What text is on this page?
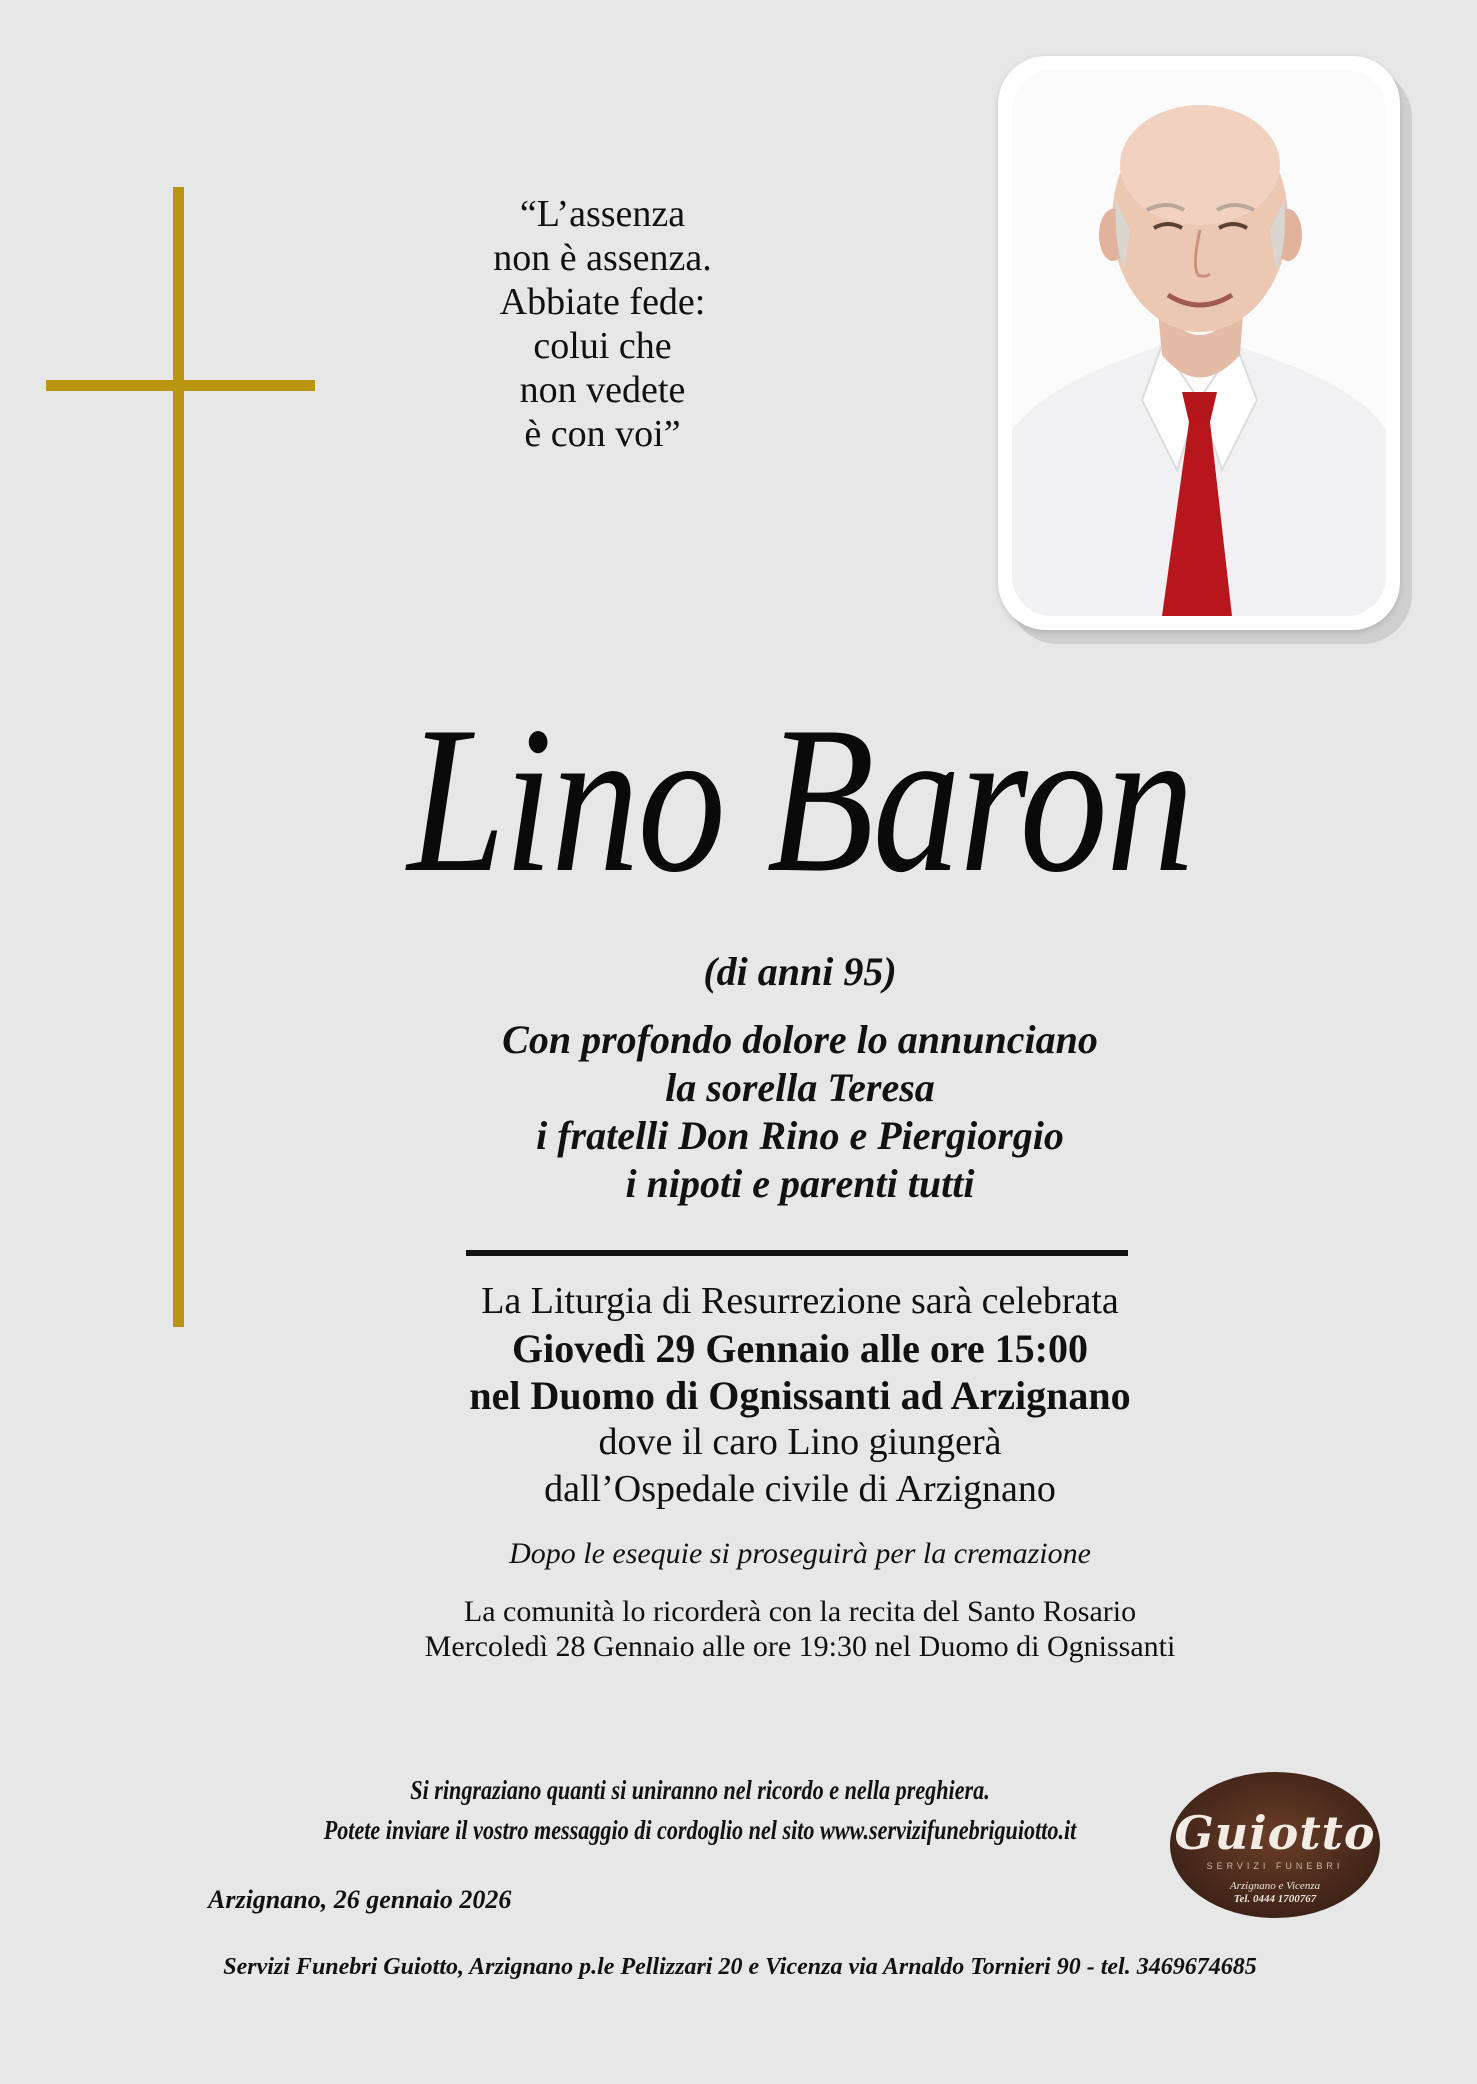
“L’assenza
non è assenza.
Abbiate fede:
colui che
non vedete
è con voi”
Lino Baron
(di anni 95)
Con profondo dolore lo annunciano
la sorella Teresa
i fratelli Don Rino e Piergiorgio
i nipoti e parenti tutti
La Liturgia di Resurrezione sarà celebrata
Giovedì 29 Gennaio alle ore 15:00
nel Duomo di Ognissanti ad Arzignano
dove il caro Lino giungerà
dall’Ospedale civile di Arzignano
Dopo le esequie si proseguirà per la cremazione
La comunità lo ricorderà con la recita del Santo Rosario
Mercoledì 28 Gennaio alle ore 19:30 nel Duomo di Ognissanti
Si ringraziano quanti si uniranno nel ricordo e nella preghiera.
Potete inviare il vostro messaggio di cordoglio nel sito www.servizifunebriguiotto.it
Arzignano, 26 gennaio 2026
Servizi Funebri Guiotto, Arzignano p.le Pellizzari 20 e Vicenza via Arnaldo Tornieri 90 - tel. 3469674685
Guiotto
SERVIZI FUNEBRI
Arzignano e Vicenza
Tel. 0444 1700767
